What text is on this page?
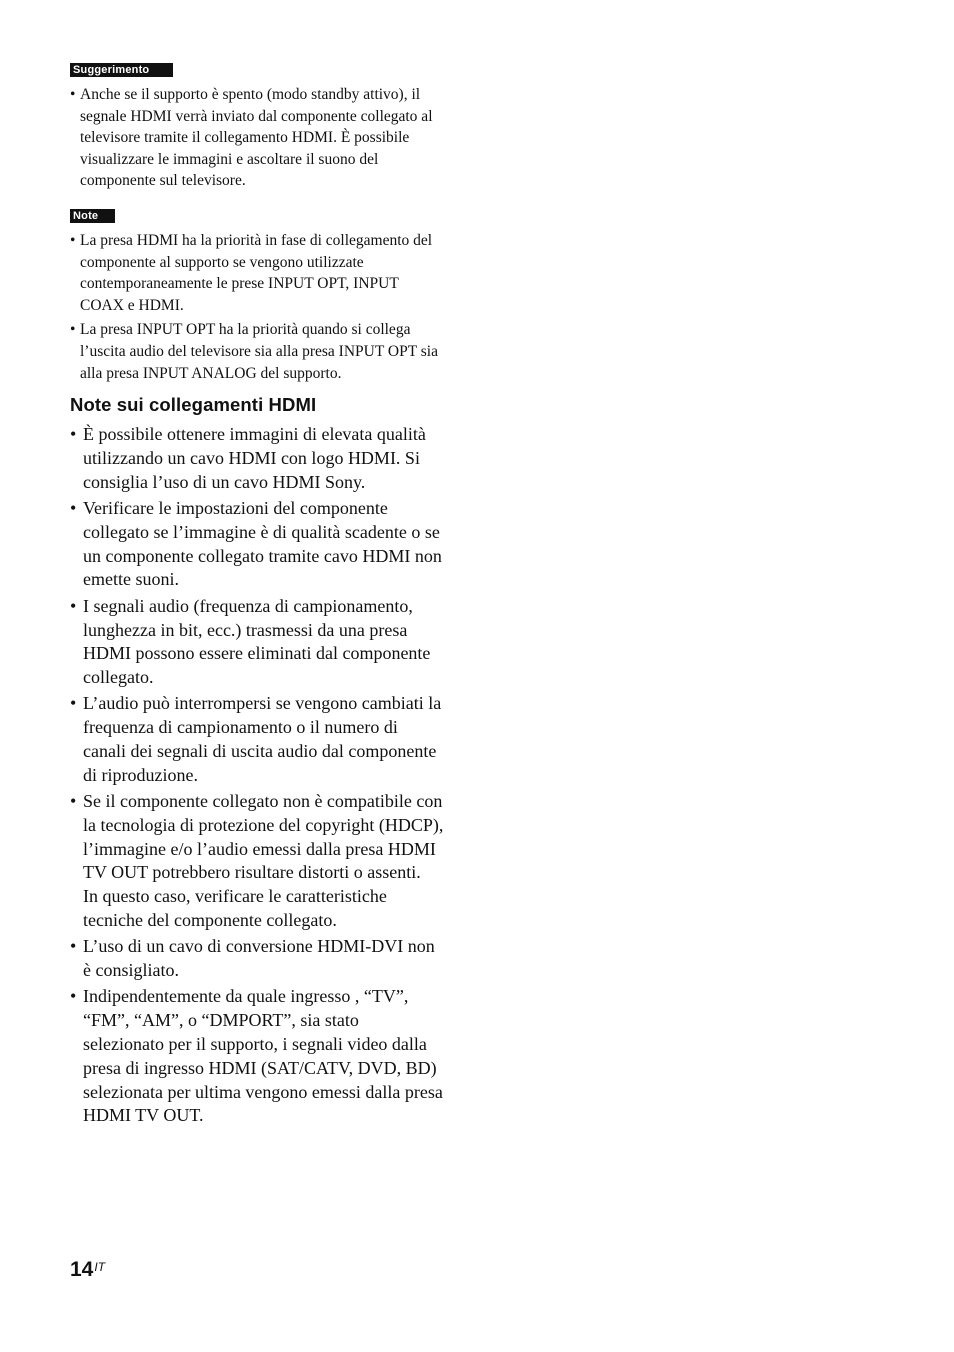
Suggerimento
• Anche se il supporto è spento (modo standby attivo), il segnale HDMI verrà inviato dal componente collegato al televisore tramite il collegamento HDMI. È possibile visualizzare le immagini e ascoltare il suono del componente sul televisore.
Note
• La presa HDMI ha la priorità in fase di collegamento del componente al supporto se vengono utilizzate contemporaneamente le prese INPUT OPT, INPUT COAX e HDMI.
• La presa INPUT OPT ha la priorità quando si collega l’uscita audio del televisore sia alla presa INPUT OPT sia alla presa INPUT ANALOG del supporto.
Note sui collegamenti HDMI
• È possibile ottenere immagini di elevata qualità utilizzando un cavo HDMI con logo HDMI. Si consiglia l’uso di un cavo HDMI Sony.
• Verificare le impostazioni del componente collegato se l’immagine è di qualità scadente o se un componente collegato tramite cavo HDMI non emette suoni.
• I segnali audio (frequenza di campionamento, lunghezza in bit, ecc.) trasmessi da una presa HDMI possono essere eliminati dal componente collegato.
• L’audio può interrompersi se vengono cambiati la frequenza di campionamento o il numero di canali dei segnali di uscita audio dal componente di riproduzione.
• Se il componente collegato non è compatibile con la tecnologia di protezione del copyright (HDCP), l’immagine e/o l’audio emessi dalla presa HDMI TV OUT potrebbero risultare distorti o assenti.
In questo caso, verificare le caratteristiche tecniche del componente collegato.
• L’uso di un cavo di conversione HDMI-DVI non è consigliato.
• Indipendentemente da quale ingresso , “TV”, “FM”, “AM”, o “DMPORT”, sia stato selezionato per il supporto, i segnali video dalla presa di ingresso HDMI (SAT/CATV, DVD, BD) selezionata per ultima vengono emessi dalla presa HDMI TV OUT.
$14^{IT}$
